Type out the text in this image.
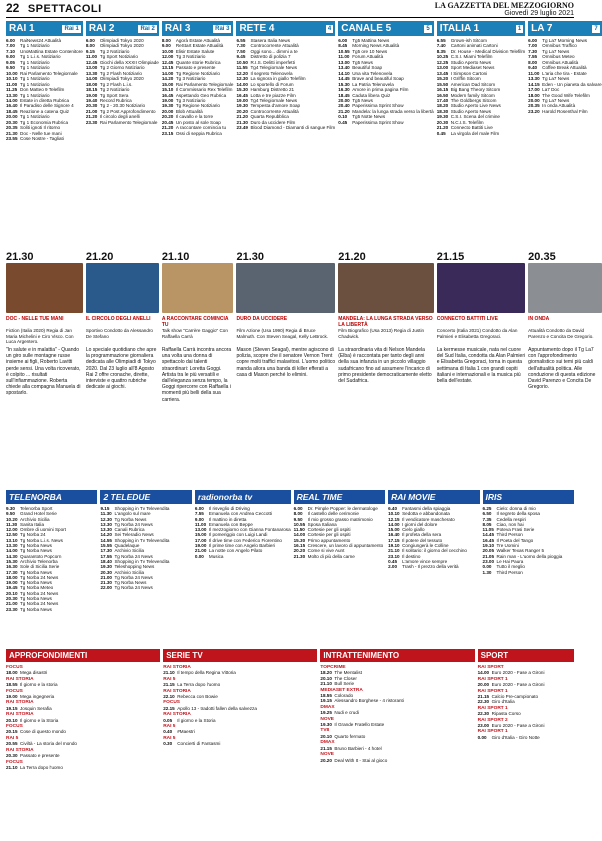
22 SPETTACOLI	LA GAZZETTA DEL MEZZOGIORNO
Giovedì 29 luglio 2021
RAI 1	Rai 1
6.00	RaiNews24 Attualità
7.00	Tg 1 Notiziario
7.10	UnoMattina Estate Contenitore
9.00	Tg 1 L.i.s. Notiziario
9.05	Tg 1 Notiziario
9.50	Tg 1 Notiziario
10.00 Rai Parlamento Telegiornale
10.10 Tg 1 Notiziario
11.00 Tg 1 Notiziario
11.25 Don Matteo 9 Telefilm
13.30 Tg 1 Notiziario
14.00 Estate in diretta Rubrica
16.40 Il Paradiso delle Signore 4
18.45 Reazione a catena Quiz
20.00 Tg 1 Notiziario
20.30 Tg 1 Economia Rubrica
20.35 Soliti ignoti Il ritorno
21.30 Doc - Nelle tue mani
23.55 Cose Nostre - Tagliati
21.30
DOC - NELLE TUE MANI
Fiction (Italia 2020) Regia di Jan Maria Michelini e Ciro Visco. Con Luca Argentero.
"In salute e in malattia" - Quando un giro sulle montagne russe insieme ai figli, Roberto Lavitti perde sensi. Una volta ricoverato, è colpito ... risultati sull'infiammazione. Roberta chiede alla compagna Manuela di spostarlo.
RAI 2	Rai 2
6.00	Olimpiadi Tokyo 2020
8.00	Olimpiadi Tokyo 2020
9.15	Tg 2 Notiziario
11.00 Tg Sport Notiziario
12.45 Giochi della XXXII Olimpiade
13.00 Tg 2 Giorno Notiziario
13.30 Tg 2 Flash Notiziario
14.00 Olimpiadi Tokyo 2020
18.00 Tg 2 Flash L.i.s.
18.15 Tg 2 Notiziario
19.00 Tg Sport Sera
19.40 Record Rubrica
20.30 Tg 2 - 20.30 Notiziario
21.00 Tg 2 Post Approfondimento
21.20 Il circolo degli anelli
23.30 Rai Parlamento Telegiornale
21.20
IL CIRCOLO DEGLI ANELLI
Sportivo Condotto da Alessandro De Stefano
Lo speciale quotidiano che apre la programmazione giornaliera dedicata alle Olimpiadi di Tokyo 2020. Dal 23 luglio all'8 Agosto Rai 2 offre cronache, dirette, interviste e quattro rubriche dedicate ai giochi.
RAI 3	Rai 3
8.00	Agorà Estate Attualità
9.00	ReStart Estate Attualità
10.00 Elisir Estate Salute
12.00 Tg 3 Notiziario
12.45 Quante storie Rubrica
13.15 Passato e presente
14.00 Tg Regione Notiziario
14.20 Tg 3 Notiziario
15.00 Rai Parlamento Telegiornale
15.10 Il Commissario Rex Telefilm
16.45 Aspettando Geo Rubrica
19.00 Tg 3 Notiziario
19.30 Tg Regione Notiziario
20.00 Blob Attualità
20.20 Il cavallo e la torre
20.45 Un posto al sole Soap
21.20 A raccontare comincia tu
23.15 Ossi di seppia Rubrica
21.10
A RACCONTARE COMINCIA TU
Talk show "Carrère Gaggio" Con Raffaella Carrà
Raffaella Carrà incontra ancora una volta una donna di spettacolo dai talenti straordinari: Loretta Goggi. Artista tra le più versatili e dall'eleganza senza tempo, la Goggi ripercorre con Raffaella i momenti più belli della sua carriera.
RETE 4	4
6.55	Stasera Italia News
7.30	Controcorrente Attualità
7.50	Oggi sono... dimmi a te
9.45	Distretto di polizia 7
10.50 R.I.S. Delitti imperfetti
11.55 Tg4 Telegiornale News
12.20 Il segreto Telenovela
12.30 La signora in giallo Telefilm
14.00 Lo sportello di Forum
15.30 Hamburg Distretto 21
16.45 Lotta e tre piazze Film
19.00 Tg4 Telegiornale News
19.30 Tempesta d'amore Soap
20.20 Controcorrente Attualità
21.20 Quarta Repubblica
21.30 Duro da uccidere Film
23.49 Blood Diamond - Diamanti di sangue Film
21.30
DURO DA UCCIDERE
Film Azione (Usa 1990) Regia di Bruce Malmuth. Con Steven Seagal, Kelly LeBrock.
Mason (Steven Seagal), mentre agiscono di polizia, scopre che il senatore Vernon Trent copre molti traffici malavitosi. L'uomo politico manda allora una banda di killer efferati a casa di Mason perché lo elimini.
CANALE 5	5
6.00	Tg5 Mattina News
8.45	Morning News Attualità
10.55 Tg5 ore 10 News
11.00 Forum Attualità
13.00 Tg5 News
13.40 Beautiful Soap
14.10 Una vita Telenovela
14.45 Brave and beautiful Soap
15.30 La Patria Telenovela
16.30 Amore in prima pagina Film
18.45 Caduta libera Quiz
20.00 Tg5 News
20.40 Paperissima Sprint Show
21.20 Mandela: la lunga strada verso la libertà
0.10	Tg5 Notte News
0.45	Paperissima Sprint Show
21.20
MANDELA: LA LUNGA STRADA VERSO LA LIBERTÀ
Film Biografico (Usa 2013) Regia di Justin Chadwick.
La straordinaria vita di Nelson Mandela (Elba) è raccontata per tanto degli anni della sua infanzia in un piccolo villaggio sudafricano fino ad assumere l'incarico di primo presidente democraticamente eletto del Sudafrica.
ITALIA 1	1
6.55	Grown-ish Sitcom
7.40	Cartoni animati Cartoni
8.35	Dr. House - Medical Division Telefilm
10.25 C.S.I. Miami Telefilm
12.25 Studio Aperto News
13.00 Sport Mediaset News
13.45 I Simpson Cartoni
15.20 I Griffin Sitcom
15.50 American Dad Sitcom
16.15 Big Bang Theory Sitcom
16.50 Modern family Sitcom
17.40 The Goldbergs Sitcom
18.20 Studio Aperto Live News
18.30 Studio Aperto News
19.30 C.S.I. Scena del crimine
20.30 N.C.I.S. Telefilm
21.20 Connecto Battiti Live
0.45	La virgola del male Film
21.15
CONNECTO BATTITI LIVE
Concerto (Italia 2021) Condotto da Alan Palmieri e Elisabetta Gregoraci.
La kermesse musicale, nata nel cuore del Sud Italia, condotta da Alan Palmieri e Elisabetta Gregoraci, torna in questa settimana di Italia 1 con grandi ospiti italiani e internazionali e la musica più bella dell'estate.
LA 7	7
6.00	Tg La7 Morning News
7.00	Omnibus Traffico
7.30	Tg La7 News
7.55	Omnibus Meteo
8.00	Omnibus Attualità
9.40	Coffee Break Attualità
11.00 L'aria che tira - Estate
13.30 Tg La7 News
14.15 Eden - Un pianeta da salvare
17.00 La7 Doc
18.00 The Good Wife Telefilm
20.00 Tg La7 News
20.35 In onda Attualità
23.20 Harold Rosenthal Film
20.35
IN ONDA
Attualità Condotto da David Parenzo e Concita De Gregorio.
Appuntamento dopo il Tg La7 con l'approfondimento giornalistico sui temi più caldi dell'attualità politica. Alle conduzione di questa edizione David Parenzo e Concita De Gregorio.
TELENORBA
9.30	Telenorba Sport
9.50	Grand Hotel Serie
10.20 Archivio Sicilia
11.30 Sanita Italia
12.00 Ombre di uomini Sport
12.50 Tg Norba 24
13.10 Tg Norba L.i.s. News
13.30 Tg Norba News
14.00 Tg Norba News
14.30 Quarantoto Popcorn
15.30 Archivio Telenorba
16.30 Sole di Sicilia Serie
17.30 Tg Norba News
18.00 Tg Norba 24 News
19.00 Tg Norba News
19.45 Tg Norba Meteo
20.10 Tg Norba 24 News
20.30 Tg Norba News
21.00 Tg Norba 24 News
23.30 Tg Norba News
2 TELEDUE
9.15	Shopping in Tv Televendita
11.30 L'angolo sul mare
12.30 Tg Norba News
13.30 Tg Norba 24 News
13.30 Canali Rubrica
14.20 Sei Teleradio News
14.55 Shopping in Tv Televendita
15.55 Quadelaque
17.30 Archivio Sicilia
17.55 Tg Norba 24 News
18.40 Shopping in Tv Televendita
19.30 Teleshopping News
20.30 Archivio Sicilia
21.00 Tg Norba 24 News
21.30 Tg Norba News
22.00 Tg Norba 24 News
radionorba tv
6.00	Il risveglio di Driving
7.55	Emanuela con Andrea Ceccotti
9.00	Il mattino in diretta
11.00 Emanuela con Beppe
13.00 Il mezzogiorno con Gianna Fontanarosa
15.00 Il pomeriggio con Luigi Landi
17.00 Il drive time con Federico Fiorentino
19.00 Il prime time con Angelo Barbieri
21.00 La notte con Angelo Pilato
0.00	Musica
REAL TIME
6.00	Dr. Pimple Popper: le dermatologe
8.00	Il castello delle cerimonie
9.50	Il mio grosso grasso matrimonio
10.55 Sposa Italiana
11.50 Cortesie per gli ospiti
14.00 Cortesie per gli ospiti
15.30 Primo appuntamento
16.15 Crescere, un lavoro di appuntamento
20.20 Come si vive Aunt
21.30 Molto di più della carne
RAI MOVIE
6.40	Fantasmi della spiaggia
10.10 Sedotta e abbandonata
12.15 Il vendicatore mascherato
14.00 I giorni del dolore
15.00 Cielo giallo
16.40 Il profeta della sera
17.15 Il potere del tessuto
19.10 Congiungerà le Colline
21.10 Il solitario: il giorno del cecchino
23.10 Il destino
0.45	L'amore vince sempre
2.00	Trash - Il prezzo della verità
IRIS
6.25	Cielo: donna di mio
6.50	Il segreto della sposa
7.35	Cedella respiri
8.05	Ciao, non hai
11.05 Poteva Frasi Serie
14.45 Third Person
16.45 Il Poeta del Tango
19.10 Tre Uomini
20.05 Walker Texas Ranger 5
21.05 Rain man - L'uomo della pioggia
23.00 Le Hai Paura
0.00	Tutto il meglio
1.30	Third Person
APPROFONDIMENTI
FOCUS
18.00 Mega disastri
RAI STORIA
18.55 Il giorno e la storia
FOCUS
19.00 Mega ingegneria
RAI STORIA
19.15 Josquin Serafia
RAI STORIA
20.10 Il giorno e la Storia
FOCUS
20.15 Cose di questo mondo
RAI 5
20.55 Civiltà - La storia del mondo
RAI STORIA
20.30 Passato e presente
FOCUS
21.10 La Terra dopo l'uomo
SERIE TV
RAI STORIA
21.10 Il tempo della Regina Vittoria
RAI 5
21.15 La Terra dopo l'uomo
RAI STORIA
22.10 Rebecca con Bowie
FOCUS
22.15 Apollo 13 - tradotti fallen della salvezza
RAI STORIA
0.05	Il giorno e la Storia
RAI 5
0.40	#Maestri
RAI 5
0.30	Concierti di Fantasmi
INTRATTENIMENTO
TOPCRIME
18.20 The Mentalist
20.10 The Closer
21.10 Bull Serie
MEDIASET EXTRA
18.55 Colorado
19.15 Alessandro Borghese - 4 ristoranti
DMAX
19.25 Nudi e crudi
NOVE
19.30 Il Grande Fratello Estate
TV8
20.10 Quarto fermato
DMAX
21.15 Bruno Barbieri - 4 hotel
NOVE
20.20 Deal With It - Stai al gioco
SPORT
RAI SPORT
14.00 Euro 2020 - Fase a Gironi
RAI SPORT 1
20.00 Euro 2020 - Fase a Gironi
RAI SPORT 1
21.15 Calcio Pre-campionato
22.30 Giro d'Italia
RAI SPORT 1
22.30 Ripasta Corso
RAI SPORT 2
23.00 Euro 2020 - Fase a Gironi
RAI SPORT 1
0.00	Giro d'Italia - Giro Notte
